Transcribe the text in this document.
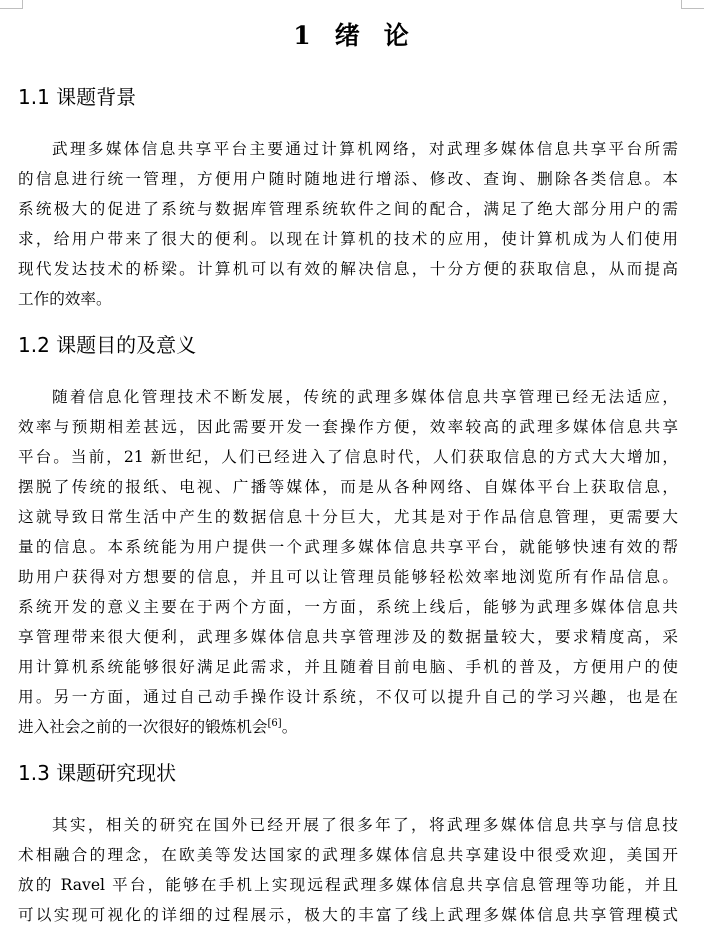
1 绪 论
1.1 课题背景
武理多媒体信息共享平台主要通过计算机网络，对武理多媒体信息共享平台所需
的信息进行统一管理，方便用户随时随地进行增添、修改、查询、删除各类信息。本
系统极大的促进了系统与数据库管理系统软件之间的配合，满足了绝大部分用户的需
求，给用户带来了很大的便利。以现在计算机的技术的应用，使计算机成为人们使用
现代发达技术的桥梁。计算机可以有效的解决信息，十分方便的获取信息，从而提高
工作的效率。
1.2 课题目的及意义
随着信息化管理技术不断发展，传统的武理多媒体信息共享管理已经无法适应，
效率与预期相差甚远，因此需要开发一套操作方便，效率较高的武理多媒体信息共享
平台。当前，21 新世纪，人们已经进入了信息时代，人们获取信息的方式大大增加，
摆脱了传统的报纸、电视、广播等媒体，而是从各种网络、自媒体平台上获取信息，
这就导致日常生活中产生的数据信息十分巨大，尤其是对于作品信息管理，更需要大
量的信息。本系统能为用户提供一个武理多媒体信息共享平台，就能够快速有效的帮
助用户获得对方想要的信息，并且可以让管理员能够轻松效率地浏览所有作品信息。
系统开发的意义主要在于两个方面，一方面，系统上线后，能够为武理多媒体信息共
享管理带来很大便利，武理多媒体信息共享管理涉及的数据量较大，要求精度高，采
用计算机系统能够很好满足此需求，并且随着目前电脑、手机的普及，方便用户的使
用。另一方面，通过自己动手操作设计系统，不仅可以提升自己的学习兴趣，也是在
进入社会之前的一次很好的锻炼机会[6]。
1.3 课题研究现状
其实，相关的研究在国外已经开展了很多年了，将武理多媒体信息共享与信息技
术相融合的理念，在欧美等发达国家的武理多媒体信息共享建设中很受欢迎，美国开
放的 Ravel 平台，能够在手机上实现远程武理多媒体信息共享信息管理等功能，并且
可以实现可视化的详细的过程展示，极大的丰富了线上武理多媒体信息共享管理模式
